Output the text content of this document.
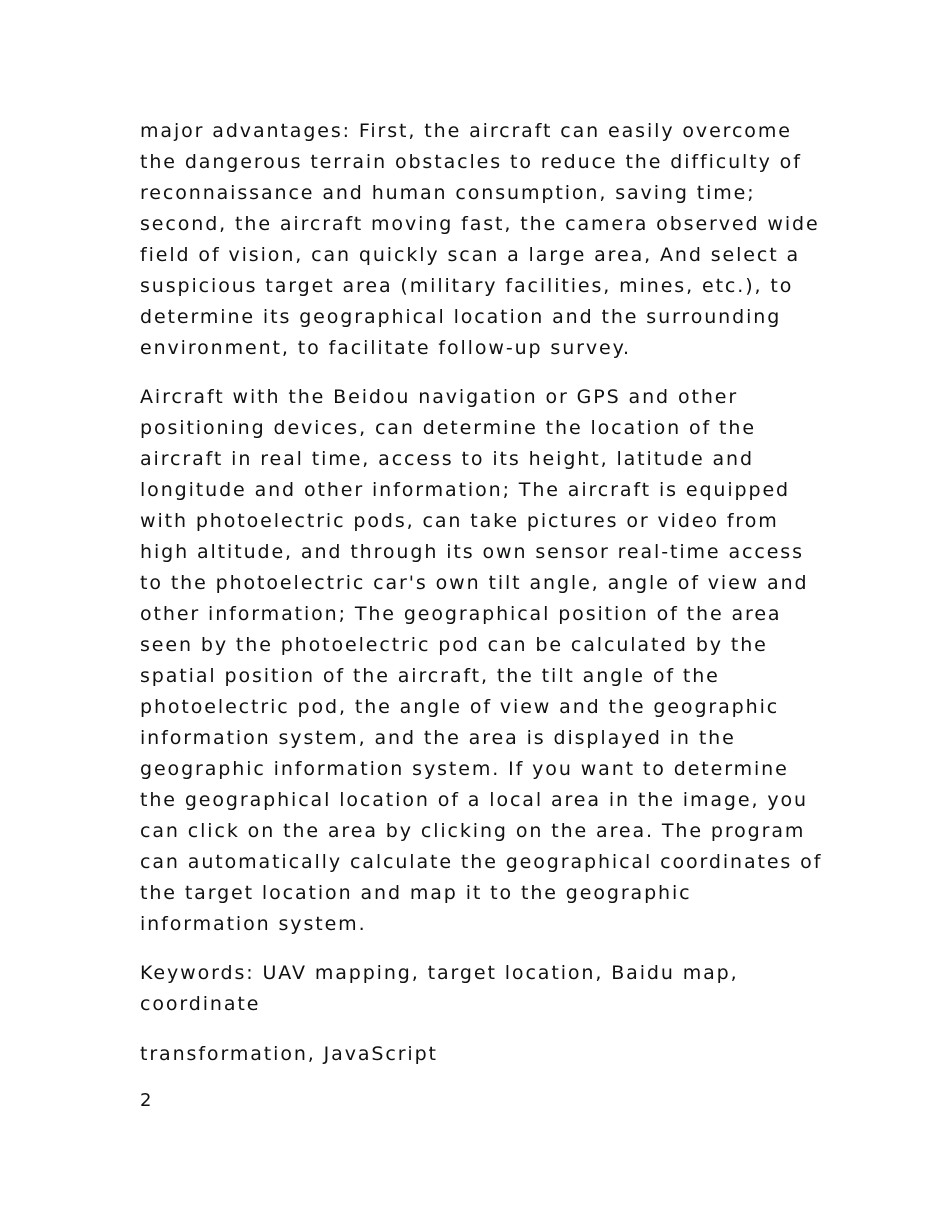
major advantages: First, the aircraft can easily overcome
the dangerous terrain obstacles to reduce the difficulty of
reconnaissance and human consumption, saving time;
second, the aircraft moving fast, the camera observed wide
field of vision, can quickly scan a large area, And select a
suspicious target area (military facilities, mines, etc.), to
determine its geographical location and the surrounding
environment, to facilitate follow-up survey.

Aircraft with the Beidou navigation or GPS and other
positioning devices, can determine the location of the
aircraft in real time, access to its height, latitude and
longitude and other information; The aircraft is equipped
with photoelectric pods, can take pictures or video from
high altitude, and through its own sensor real-time access
to the photoelectric car's own tilt angle, angle of view and
other information; The geographical position of the area
seen by the photoelectric pod can be calculated by the
spatial position of the aircraft, the tilt angle of the
photoelectric pod, the angle of view and the geographic
information system, and the area is displayed in the
geographic information system. If you want to determine
the geographical location of a local area in the image, you
can click on the area by clicking on the area. The program
can automatically calculate the geographical coordinates of
the target location and map it to the geographic
information system.

Keywords: UAV mapping, target location, Baidu map,
coordinate

transformation, JavaScript

2
